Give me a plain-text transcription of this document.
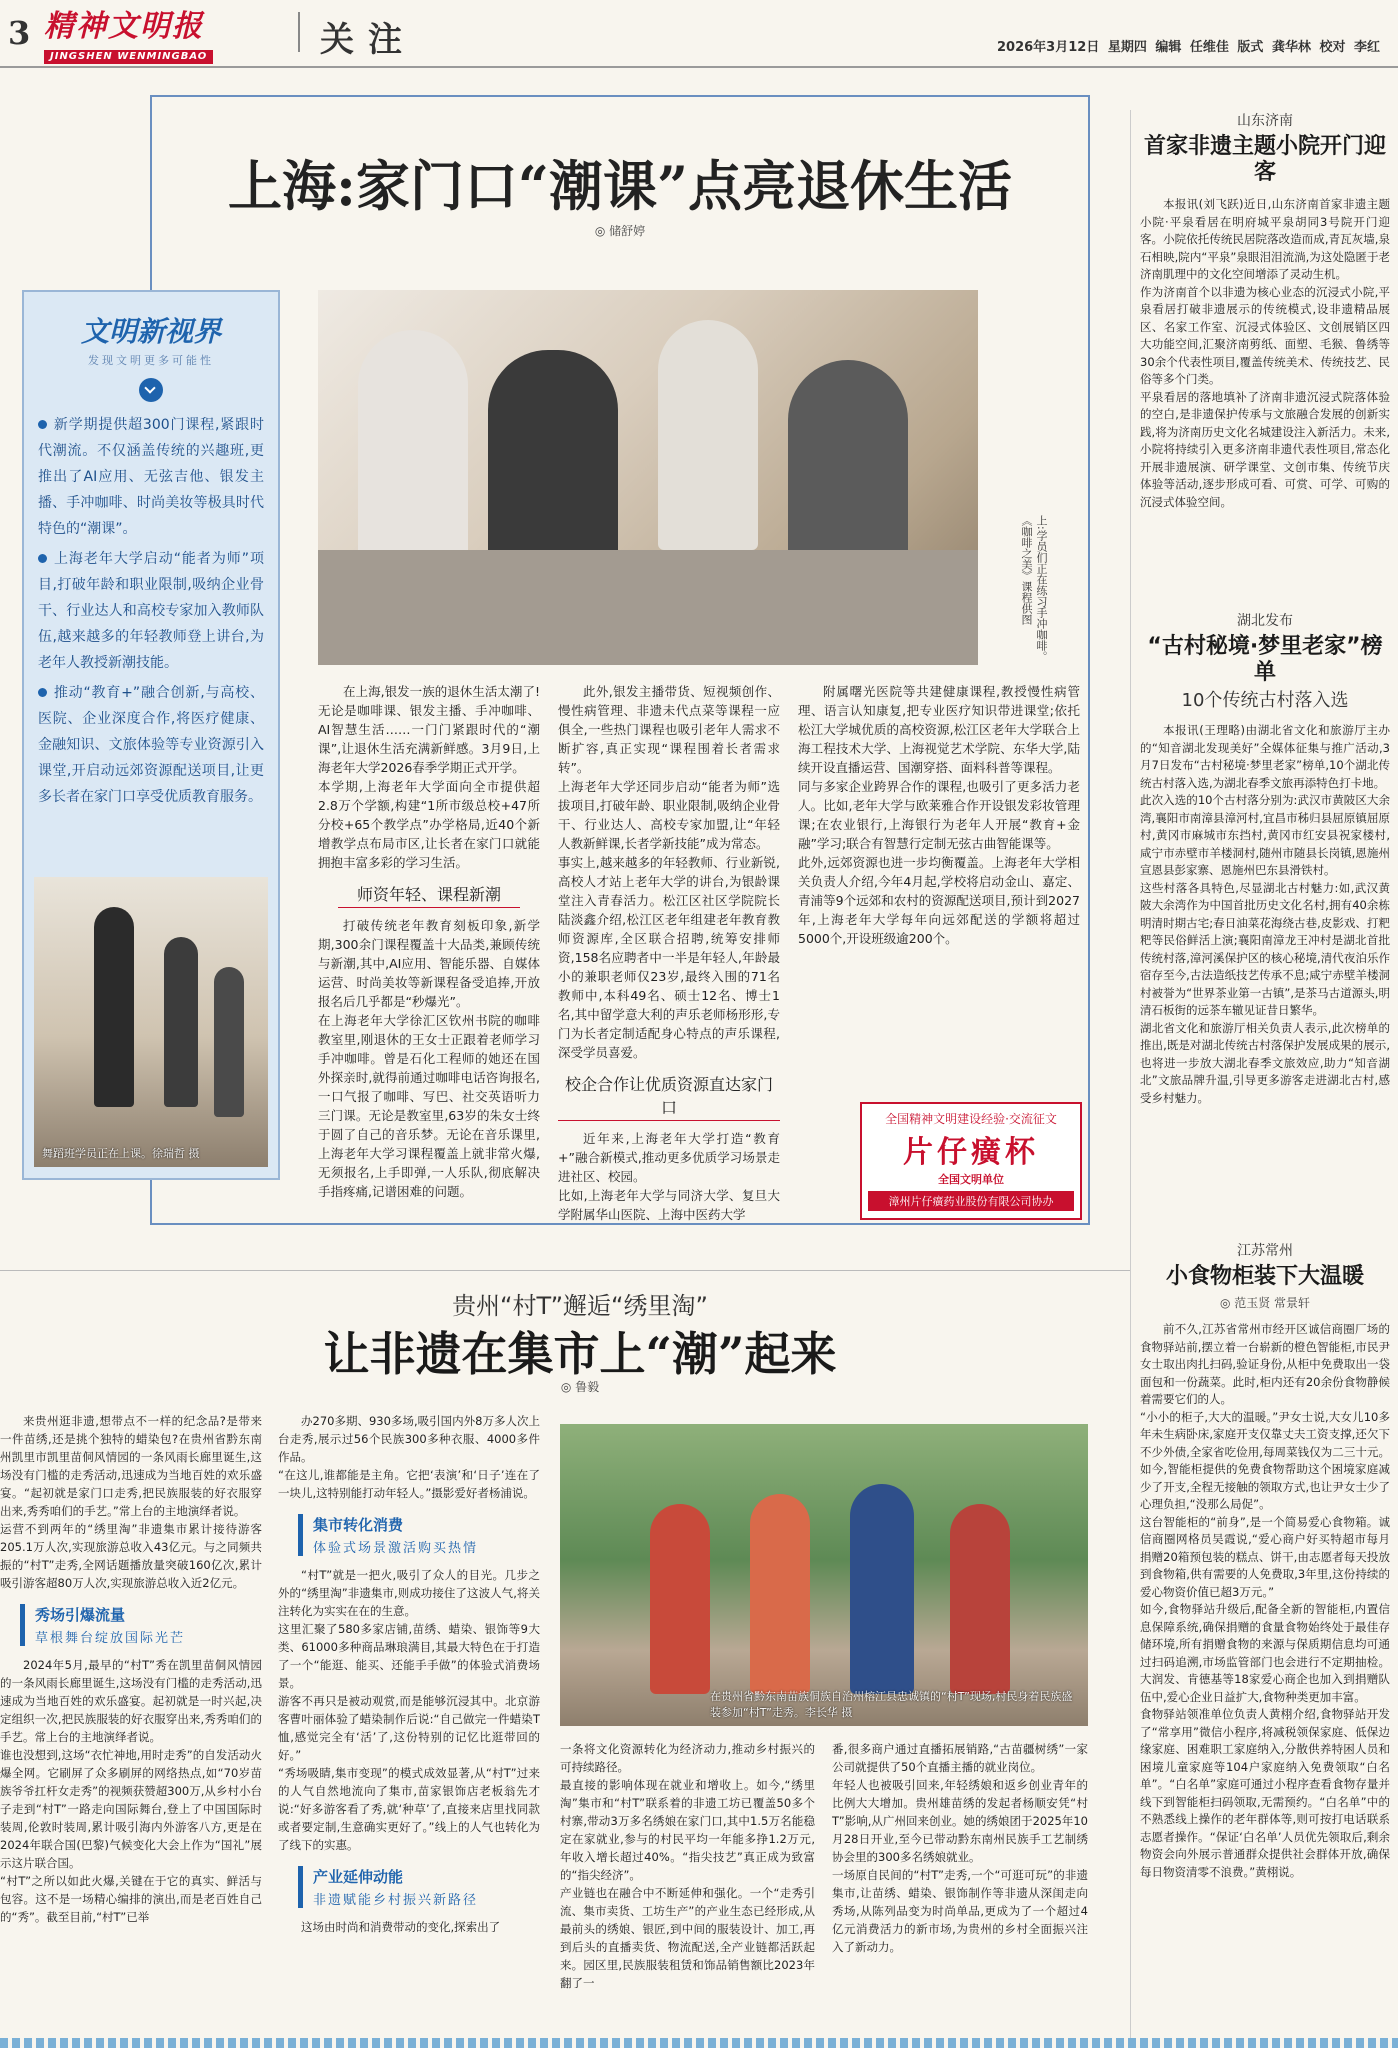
3 精神文明报
JINGSHEN WENMINGBAO	关注	2026年3月12日 星期四 编辑 任维佳 版式 龚华林 校对 李红
上海:家门口“潮课”点亮退休生活
◎ 储舒婷
文明新视界
发现文明更多可能性

新学期提供超300门课程,紧跟时代潮流。不仅涵盖传统的兴趣班,更推出了AI应用、无弦吉他、银发主播、手冲咖啡、时尚美妆等极具时代特色的“潮课”。

上海老年大学启动“能者为师”项目,打破年龄和职业限制,吸纳企业骨干、行业达人和高校专家加入教师队伍,越来越多的年轻教师登上讲台,为老年人教授新潮技能。

推动“教育+”融合创新,与高校、医院、企业深度合作,将医疗健康、金融知识、文旅体验等专业资源引入课堂,开启动远郊资源配送项目,让更多长者在家门口享受优质教育服务。

舞蹈班学员正在上课。徐瑞哲 摄
上:学员们正在练习手冲咖啡。《咖啡之美》课程供图

在上海,银发一族的退休生活太潮了!无论是咖啡课、银发主播、手冲咖啡、AI智慧生活……一门门紧跟时代的“潮课”,让退休生活充满新鲜感。3月9日,上海老年大学2026春季学期正式开学。
本学期,上海老年大学面向全市提供超2.8万个学额,构建“1所市级总校+47所分校+65个教学点”办学格局,近40个新增教学点布局市区,让长者在家门口就能拥抱丰富多彩的学习生活。

师资年轻、课程新潮

打破传统老年教育刻板印象,新学期,300余门课程覆盖十大品类,兼顾传统与新潮,其中,AI应用、智能乐器、自媒体运营、时尚美妆等新课程备受追捧,开放报名后几乎都是“秒爆光”。
在上海老年大学徐汇区钦州书院的咖啡教室里,刚退休的王女士正跟着老师学习手冲咖啡。曾是石化工程师的她还在国外探亲时,就得前通过咖啡电话咨询报名,一口气报了咖啡、写巴、社交英语听力三门课。无论是教室里,63岁的朱女士终于圆了自己的音乐梦。无论在音乐课里,上海老年大学习课程覆盖上就非常火爆,无须报名,上手即弹,一人乐队,彻底解决手指疼痛,记谱困难的问题。

此外,银发主播带货、短视频创作、慢性病管理、非遗未代点菜等课程一应俱全,一些热门课程也吸引老年人需求不断扩容,真正实现“课程围着长者需求转”。
上海老年大学还同步启动“能者为师”选拔项目,打破年龄、职业限制,吸纳企业骨干、行业达人、高校专家加盟,让“年轻人教新鲜课,长者学新技能”成为常态。
事实上,越来越多的年轻教师、行业新锐,高校人才站上老年大学的讲台,为银龄课堂注入青春活力。松江区社区学院院长陆淡鑫介绍,松江区老年组建老年教育教师资源库,全区联合招聘,统筹安排师资,158名应聘者中一半是年轻人,年龄最小的兼职老师仅23岁,最终入围的71名教师中,本科49名、硕士12名、博士1名,其中留学意大利的声乐老师杨形形,专门为长者定制适配身心特点的声乐课程,深受学员喜爱。

校企合作让优质资源直达家门口

近年来,上海老年大学打造“教育+”融合新模式,推动更多优质学习场景走进社区、校园。
比如,上海老年大学与同济大学、复旦大学附属华山医院、上海中医药大学

附属曙光医院等共建健康课程,教授慢性病管理、语言认知康复,把专业医疗知识带进课堂;依托松江大学城优质的高校资源,松江区老年大学联合上海工程技术大学、上海视觉艺术学院、东华大学,陆续开设直播运营、国潮穿搭、面料科普等课程。
同与多家企业跨界合作的课程,也吸引了更多活力老人。比如,老年大学与欧莱雅合作开设银发彩妆管理课;在农业银行,上海银行为老年人开展“教育+金融”学习;联合有智慧行定制无弦古曲智能课等。
此外,远郊资源也进一步均衡覆盖。上海老年大学相关负责人介绍,今年4月起,学校将启动金山、嘉定、青浦等9个远郊和农村的资源配送项目,预计到2027年,上海老年大学每年向远郊配送的学额将超过5000个,开设班级逾200个。

全国精神文明建设经验·交流征文
片仔癀杯
全国文明单位
漳州片仔癀药业股份有限公司协办
山东济南
首家非遗主题小院开门迎客

本报讯(刘飞跃)近日,山东济南首家非遗主题小院·平泉看居在明府城平泉胡同3号院开门迎客。小院依托传统民居院落改造而成,青瓦灰墙,泉石相映,院内“平泉”泉眼泪泪流淌,为这处隐匿于老济南肌理中的文化空间增添了灵动生机。
作为济南首个以非遗为核心业态的沉浸式小院,平泉看居打破非遗展示的传统模式,设非遗精品展区、名家工作室、沉浸式体验区、文创展销区四大功能空间,汇聚济南剪纸、面塑、毛猴、鲁绣等30余个代表性项目,覆盖传统美术、传统技艺、民俗等多个门类。
平泉看居的落地填补了济南非遗沉浸式院落体验的空白,是非遗保护传承与文旅融合发展的创新实践,将为济南历史文化名城建设注入新活力。未来,小院将持续引入更多济南非遗代表性项目,常态化开展非遗展演、研学课堂、文创市集、传统节庆体验等活动,逐步形成可看、可赏、可学、可购的沉浸式体验空间。

湖北发布
“古村秘境·梦里老家”榜单
10个传统古村落入选

本报讯(王理略)由湖北省文化和旅游厅主办的“知音湖北发现美好”全媒体征集与推广活动,3月7日发布“古村秘境·梦里老家”榜单,10个湖北传统古村落入选,为湖北春季文旅再添特色打卡地。
此次入选的10个古村落分别为:武汉市黄陂区大余湾,襄阳市南漳县漳河村,宜昌市秭归县屈原镇屈原村,黄冈市麻城市东挡村,黄冈市红安县祝家楼村,咸宁市赤壁市羊楼洞村,随州市随县长岗镇,恩施州宣恩县彭家寨、恩施州巴东县滑铁村。
这些村落各具特色,尽显湖北古村魅力:如,武汉黄陂大余湾作为中国首批历史文化名村,拥有40余栋明清时期古宅;春日油菜花海绕古巷,皮影戏、打粑粑等民俗鲜活上演;襄阳南漳龙王冲村是湖北首批传统村落,漳河溪保护区的核心秘境,清代夜泊乐作宿存至今,古法造纸技艺传承不息;咸宁赤壁羊楼洞村被誉为“世界茶业第一古镇”,是茶马古道源头,明清石板街的远茶车辙见证昔日繁华。
湖北省文化和旅游厅相关负责人表示,此次榜单的推出,既是对湖北传统古村落保护发展成果的展示,也将进一步放大湖北春季文旅效应,助力“知音湖北”文旅品牌升温,引导更多游客走进湖北古村,感受乡村魅力。

江苏常州
小食物柜装下大温暖
◎ 范玉贤 常景轩

前不久,江苏省常州市经开区诚信商圈厂场的食物驿站前,摆立着一台崭新的橙色智能柜,市民尹女士取出肉扎扫码,验证身份,从柜中免费取出一袋面包和一份蔬菜。此时,柜内还有20余份食物静候着需要它们的人。
“小小的柜子,大大的温暖。”尹女士说,大女儿10多年未生病卧床,家庭开支仅靠丈夫工资支撑,还欠下不少外债,全家省吃俭用,每周菜钱仅为二三十元。如今,智能柜提供的免费食物帮助这个困境家庭减少了开支,全程无接触的领取方式,也让尹女士少了心理负担,“没那么局促”。
这台智能柜的“前身”,是一个简易爱心食物箱。诚信商圈网格员吴霞说,“爱心商户好买特超市每月捐赠20箱预包装的糕点、饼干,由志愿者每天投放到食物箱,供有需要的人免费取,3年里,这份持续的爱心物资价值已超3万元。”
如今,食物驿站升级后,配备全新的智能柜,内置信息保障系统,确保捐赠的食量食物始终处于最佳存储环境,所有捐赠食物的来源与保质期信息均可通过扫码追溯,市场监管部门也会进行不定期抽检。大润发、肯德基等18家爱心商企也加入到捐赠队伍中,爱心企业日益扩大,食物种类更加丰富。
食物驿站领准单位负责人黄栩介绍,食物驿站开发了“常享用”微信小程序,将减税领保家庭、低保边缘家庭、困难职工家庭纳入,分散供养特困人员和困境儿童家庭等104户家庭纳入免费领取“白名单”。“白名单”家庭可通过小程序查看食物存量并线下到智能柜扫码领取,无需预约。“白名单”中的不熟悉线上操作的老年群体等,则可按打电话联系志愿者操作。“保证‘白名单’人员优先领取后,剩余物资会向外展示普通群众提供社会群体开放,确保每日物资清零不浪费。”黄栩说。

贵州“村T”邂逅“绣里淘”
让非遗在集市上“潮”起来
◎ 鲁毅

来贵州逛非遗,想带点不一样的纪念品?是带来一件苗绣,还是挑个独特的蜡染包?在贵州省黔东南州凯里市凯里苗侗风情园的一条风雨长廊里诞生,这场没有门槛的走秀活动,迅速成为当地百姓的欢乐盛宴。“起初就是家门口走秀,把民族服装的好衣服穿出来,秀秀咱们的手艺。”常上台的主地演绎者说。
运营不到两年的“绣里淘”非遗集市累计接待游客205.1万人次,实现旅游总收入43亿元。与之同频共振的“村T”走秀,全网话题播放量突破160亿次,累计吸引游客超80万人次,实现旅游总收入近2亿元。

秀场引爆流量
草根舞台绽放国际光芒

2024年5月,最早的“村T”秀在凯里苗侗风情园的一条风雨长廊里诞生,这场没有门槛的走秀活动,迅速成为当地百姓的欢乐盛宴。起初就是一时兴起,决定组织一次,把民族服装的好衣服穿出来,秀秀咱们的手艺。常上台的主地演绎者说。
谁也没想到,这场“衣忙神地,用时走秀”的自发活动火爆全网。它刷屏了众多刷屏的网络热点,如“70岁苗族爷爷扛杆女走秀”的视频获赞超300万,从乡村小台子走到“村T”一路走向国际舞台,登上了中国国际时装周,伦敦时装周,累计吸引海内外游客八方,更是在2024年联合国(巴黎)气候变化大会上作为“国礼”展示这片联合国。
“村T”之所以如此火爆,关键在于它的真实、鲜活与包容。这不是一场精心编排的演出,而是老百姓自己的“秀”。截至目前,“村T”已举

办270多期、930多场,吸引国内外8万多人次上台走秀,展示过56个民族300多种衣服、4000多件作品。
“在这儿,谁都能是主角。它把‘表演’和‘日子’连在了一块儿,这特别能打动年轻人。”摄影爱好者杨浦说。

集市转化消费
体验式场景激活购买热情

“村T”就是一把火,吸引了众人的目光。几步之外的“绣里淘”非遗集市,则成功接住了这波人气,将关注转化为实实在在的生意。
这里汇聚了580多家店铺,苗绣、蜡染、银饰等9大类、61000多种商品琳琅满目,其最大特色在于打造了一个“能逛、能买、还能手手做”的体验式消费场景。
游客不再只是被动观赏,而是能够沉浸其中。北京游客曹叶丽体验了蜡染制作后说:“自己做完一件蜡染T恤,感觉完全有‘活’了,这份特别的记忆比逛带回的好。”
“秀场吸睛,集市变现”的模式成效显著,从“村T”过来的人气自然地流向了集市,苗家银饰店老板翁先才说:“好多游客看了秀,就‘种草’了,直接来店里找同款或者要定制,生意确实更好了。”线上的人气也转化为了线下的实惠。

产业延伸动能
非遗赋能乡村振兴新路径

这场由时尚和消费带动的变化,探索出了

在贵州省黔东南苗族侗族自治州榕江县忠诚镇的“村T”现场,村民身着民族盛装参加“村T”走秀。李长华 摄

一条将文化资源转化为经济动力,推动乡村振兴的可持续路径。
最直接的影响体现在就业和增收上。如今,“绣里淘”集市和“村T”联系着的非遗工坊已覆盖50多个村寨,带动3万多名绣娘在家门口,其中1.5万名能稳定在家就业,参与的村民平均一年能多挣1.2万元,年收入增长超过40%。“指尖技艺”真正成为致富的“指尖经济”。
产业链也在融合中不断延伸和强化。一个“走秀引流、集市卖货、工坊生产”的产业生态已经形成,从最前头的绣娘、银匠,到中间的服装设计、加工,再到后头的直播卖货、物流配送,全产业链都活跃起来。园区里,民族服装租赁和饰品销售额比2023年翻了一

番,很多商户通过直播拓展销路,“古苗疆树绣”一家公司就提供了50个直播主播的就业岗位。
年轻人也被吸引回来,年轻绣娘和返乡创业青年的比例大大增加。贵州雄苗绣的发起者杨顺安凭“村T”影响,从广州回来创业。她的绣娘团于2025年10月28日开业,至今已带动黔东南州民族手工艺制绣协会里的300多名绣娘就业。
一场原自民间的“村T”走秀,一个“可逛可玩”的非遗集市,让苗绣、蜡染、银饰制作等非遗从深闺走向秀场,从陈列品变为时尚单品,更成为了一个超过4亿元消费活力的新市场,为贵州的乡村全面振兴注入了新动力。
